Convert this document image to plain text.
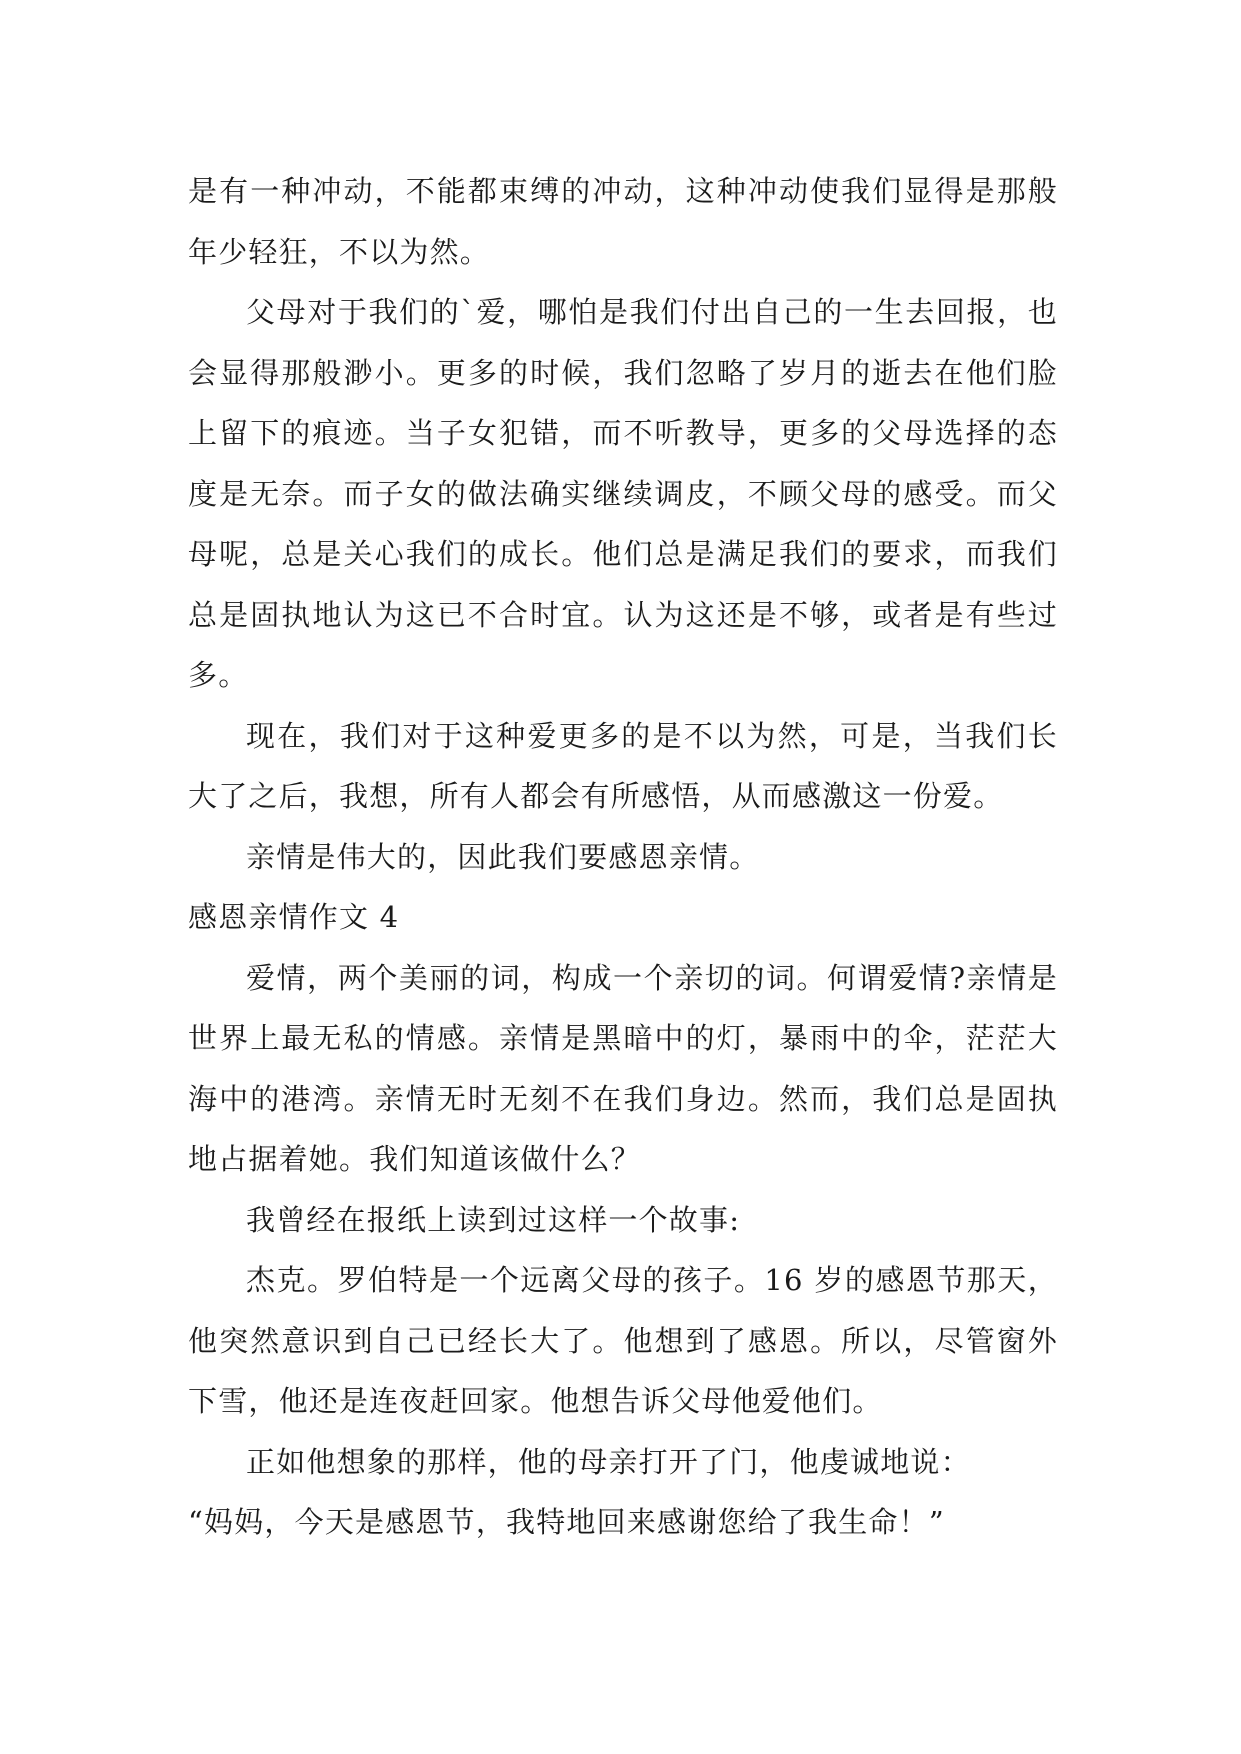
是有一种冲动，不能都束缚的冲动，这种冲动使我们显得是那般年少轻狂，不以为然。

父母对于我们的`爱，哪怕是我们付出自己的一生去回报，也会显得那般渺小。更多的时候，我们忽略了岁月的逝去在他们脸上留下的痕迹。当子女犯错，而不听教导，更多的父母选择的态度是无奈。而子女的做法确实继续调皮，不顾父母的感受。而父母呢，总是关心我们的成长。他们总是满足我们的要求，而我们总是固执地认为这已不合时宜。认为这还是不够，或者是有些过多。

现在，我们对于这种爱更多的是不以为然，可是，当我们长大了之后，我想，所有人都会有所感悟，从而感激这一份爱。

亲情是伟大的，因此我们要感恩亲情。

感恩亲情作文 4

爱情，两个美丽的词，构成一个亲切的词。何谓爱情?亲情是世界上最无私的情感。亲情是黑暗中的灯，暴雨中的伞，茫茫大海中的港湾。亲情无时无刻不在我们身边。然而，我们总是固执地占据着她。我们知道该做什么？

我曾经在报纸上读到过这样一个故事:

杰克。罗伯特是一个远离父母的孩子。16 岁的感恩节那天，他突然意识到自己已经长大了。他想到了感恩。所以，尽管窗外下雪，他还是连夜赶回家。他想告诉父母他爱他们。

正如他想象的那样，他的母亲打开了门，他虔诚地说：

“妈妈，今天是感恩节，我特地回来感谢您给了我生命！”
